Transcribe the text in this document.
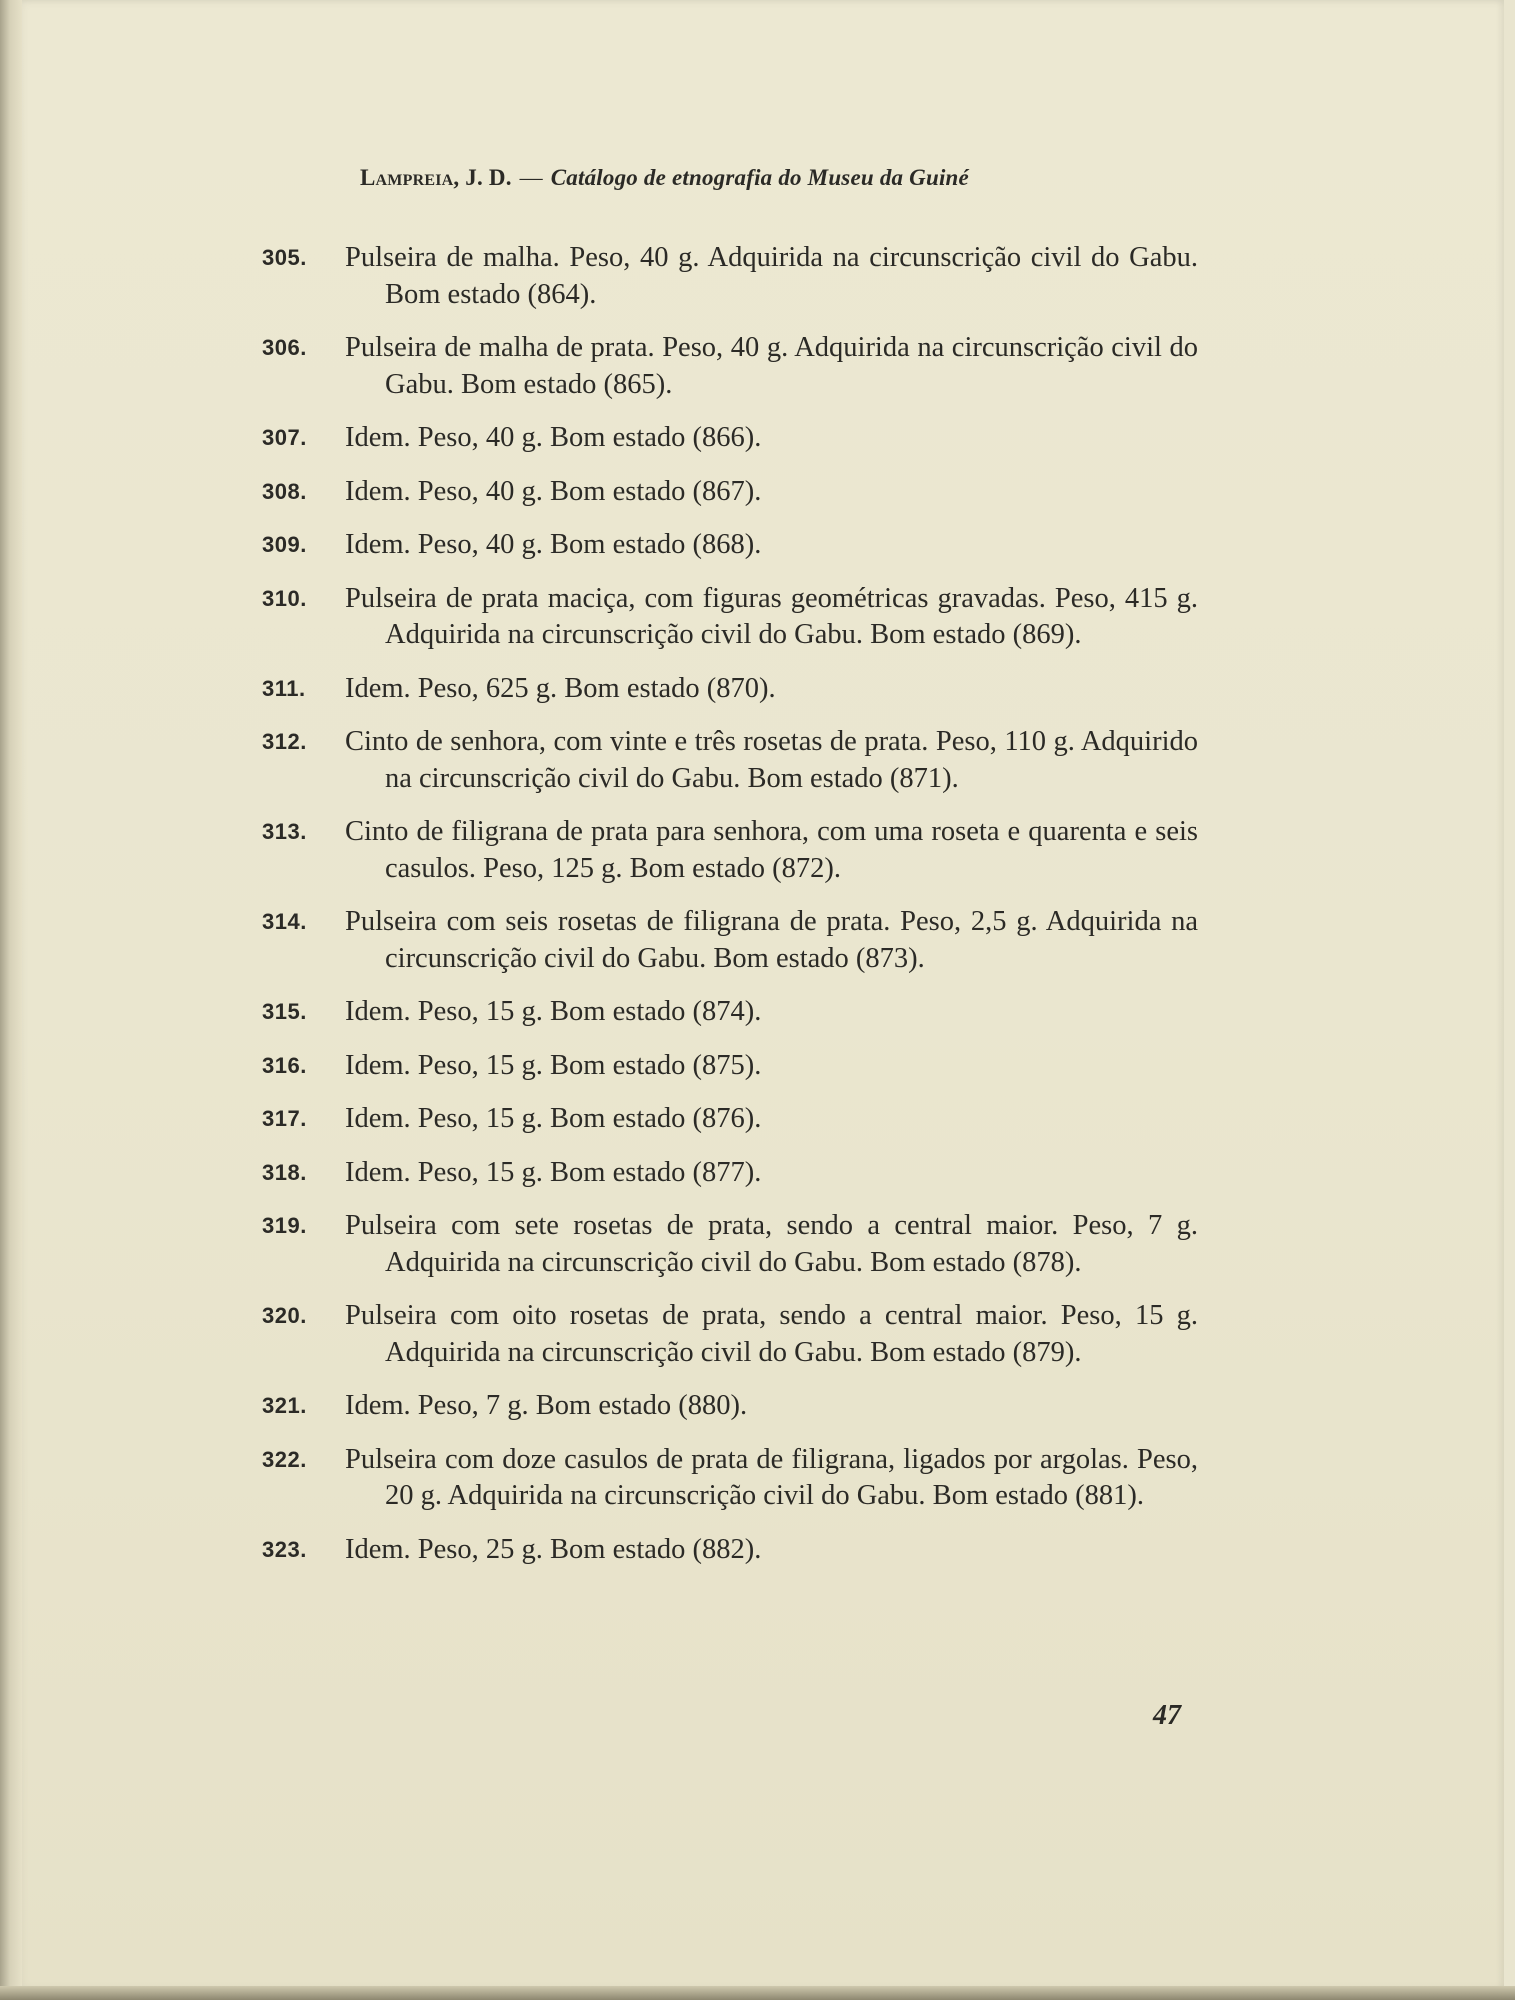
Lampreia, J. D. — Catálogo de etnografia do Museu da Guiné
305. Pulseira de malha. Peso, 40 g. Adquirida na circunscrição civil do Gabu. Bom estado (864).
306. Pulseira de malha de prata. Peso, 40 g. Adquirida na circunscrição civil do Gabu. Bom estado (865).
307. Idem. Peso, 40 g. Bom estado (866).
308. Idem. Peso, 40 g. Bom estado (867).
309. Idem. Peso, 40 g. Bom estado (868).
310. Pulseira de prata maciça, com figuras geométricas gravadas. Peso, 415 g. Adquirida na circunscrição civil do Gabu. Bom estado (869).
311. Idem. Peso, 625 g. Bom estado (870).
312. Cinto de senhora, com vinte e três rosetas de prata. Peso, 110 g. Adquirido na circunscrição civil do Gabu. Bom estado (871).
313. Cinto de filigrana de prata para senhora, com uma roseta e quarenta e seis casulos. Peso, 125 g. Bom estado (872).
314. Pulseira com seis rosetas de filigrana de prata. Peso, 2,5 g. Adquirida na circunscrição civil do Gabu. Bom estado (873).
315. Idem. Peso, 15 g. Bom estado (874).
316. Idem. Peso, 15 g. Bom estado (875).
317. Idem. Peso, 15 g. Bom estado (876).
318. Idem. Peso, 15 g. Bom estado (877).
319. Pulseira com sete rosetas de prata, sendo a central maior. Peso, 7 g. Adquirida na circunscrição civil do Gabu. Bom estado (878).
320. Pulseira com oito rosetas de prata, sendo a central maior. Peso, 15 g. Adquirida na circunscrição civil do Gabu. Bom estado (879).
321. Idem. Peso, 7 g. Bom estado (880).
322. Pulseira com doze casulos de prata de filigrana, ligados por argolas. Peso, 20 g. Adquirida na circunscrição civil do Gabu. Bom estado (881).
323. Idem. Peso, 25 g. Bom estado (882).
47
